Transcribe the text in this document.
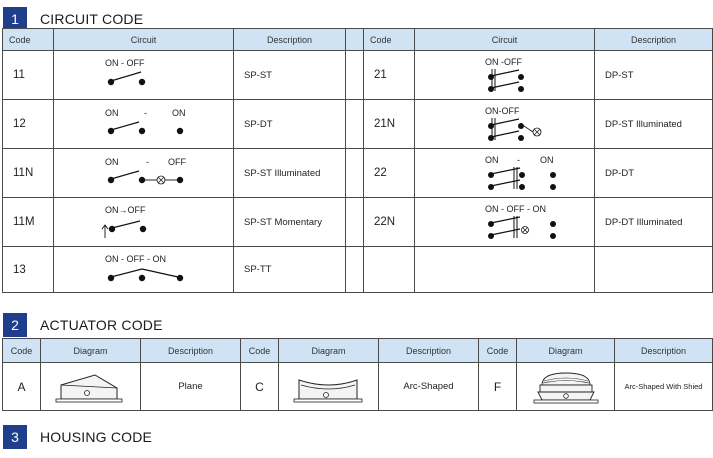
1	CIRCUIT CODE
Code	Circuit	Description		Code	Circuit	Description
11	ON - OFF	SP-ST		21	ON -OFF	DP-ST
12	ON - ON	SP-DT		21N	ON-OFF	DP-ST Illuminated
11N	ON - OFF	SP-ST Illuminated		22	ON - ON	DP-DT
11M	ON→OFF	SP-ST Momentary		22N	ON - OFF - ON	DP-DT Illuminated
13	ON - OFF - ON	SP-TT				
2	ACTUATOR CODE
Code	Diagram	Description	Code	Diagram	Description	Code	Diagram	Description
A		Plane	C		Arc-Shaped	F		Arc-Shaped With Shied
3	HOUSING CODE
